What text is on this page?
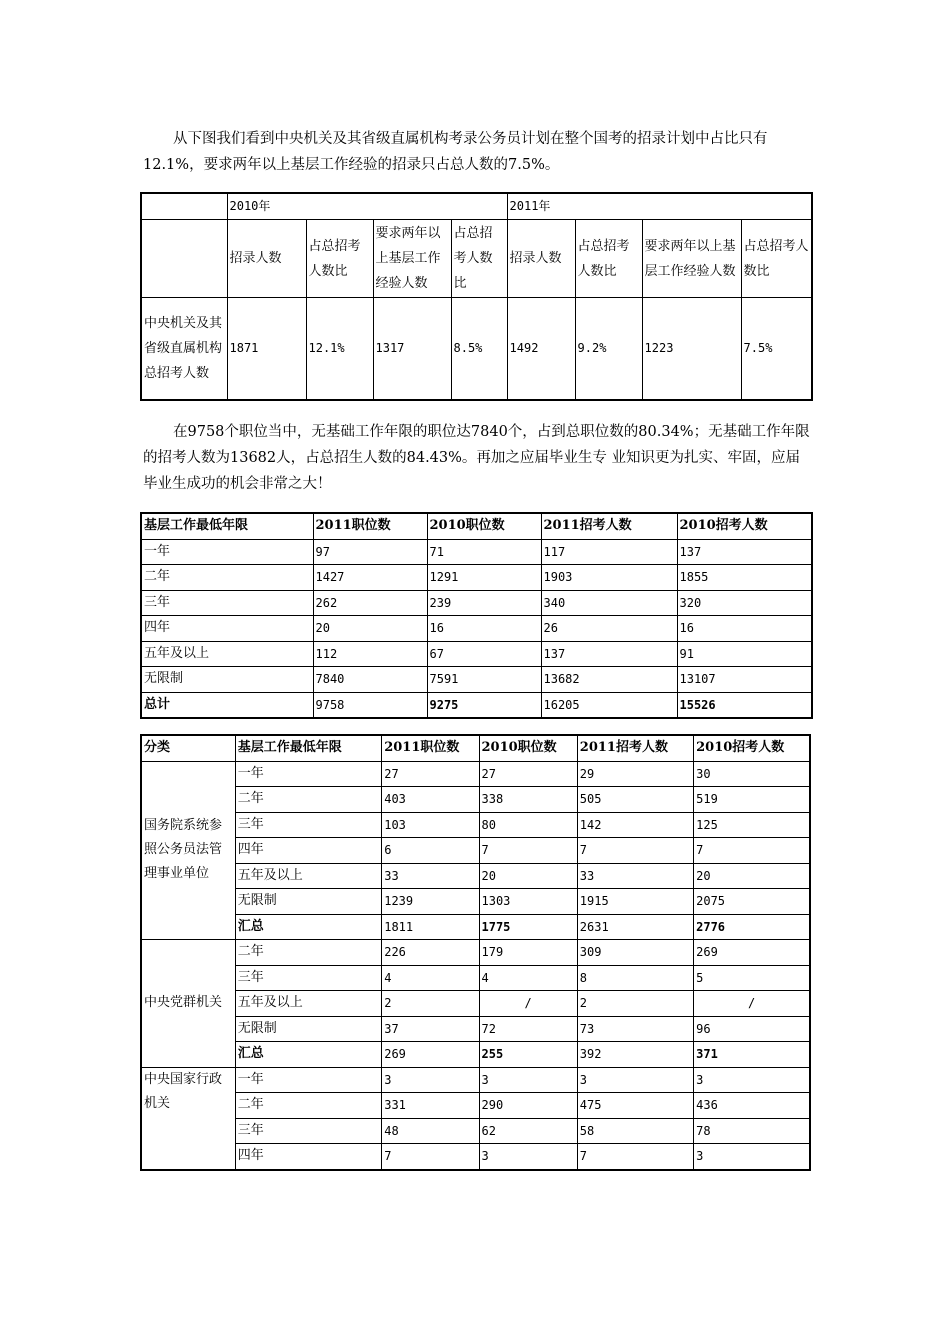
从下图我们看到中央机关及其省级直属机构考录公务员计划在整个国考的招录计划中占比只有12.1%，要求两年以上基层工作经验的招录只占总人数的7.5%。

	2010年				2011年			
	招录人数	占总招考人数比	要求两年以上基层工作经验人数	占总招考人数比	招录人数	占总招考人数比	要求两年以上基层工作经验人数	占总招考人数比
中央机关及其省级直属机构总招考人数	1871	12.1%	1317	8.5%	1492	9.2%	1223	7.5%

在9758个职位当中，无基础工作年限的职位达7840个，占到总职位数的80.34%；无基础工作年限的招考人数为13682人，占总招生人数的84.43%。再加之应届毕业生专 业知识更为扎实、牢固，应届毕业生成功的机会非常之大！

基层工作最低年限	2011职位数	2010职位数	2011招考人数	2010招考人数
一年	97	71	117	137
二年	1427	1291	1903	1855
三年	262	239	340	320
四年	20	16	26	16
五年及以上	112	67	137	91
无限制	7840	7591	13682	13107
总计	9758	9275	16205	15526
分类	基层工作最低年限	2011职位数	2010职位数	2011招考人数	2010招考人数
国务院系统参照公务员法管理事业单位	一年	27	27	29	30
	二年	403	338	505	519
	三年	103	80	142	125
	四年	6	7	7	7
	五年及以上	33	20	33	20
	无限制	1239	1303	1915	2075
	汇总	1811	1775	2631	2776
中央党群机关	二年	226	179	309	269
	三年	4	4	8	5
	五年及以上	2	/	2	/
	无限制	37	72	73	96
	汇总	269	255	392	371
中央国家行政机关	一年	3	3	3	3
	二年	331	290	475	436
	三年	48	62	58	78
	四年	7	3	7	3
